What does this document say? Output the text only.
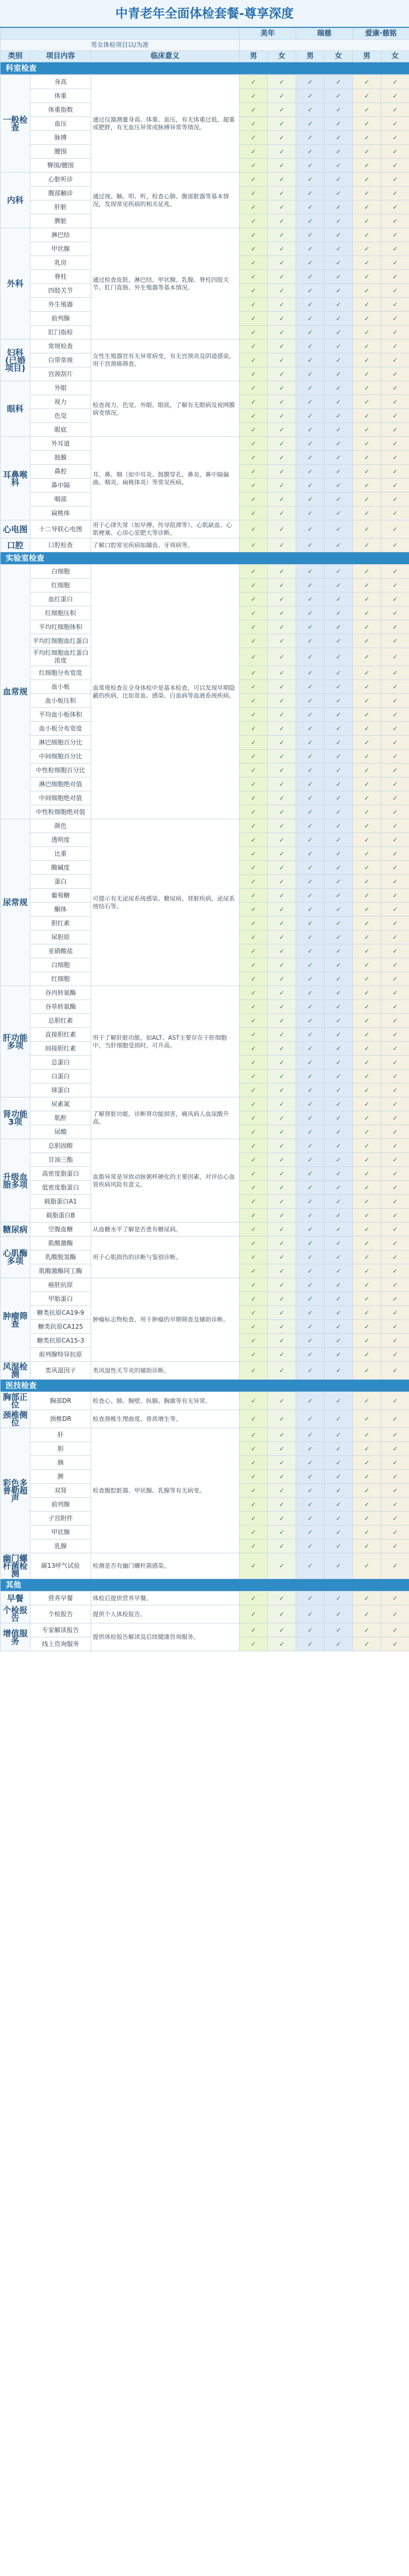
中青老年全面体检套餐-尊享深度
			美年		瑞慈		爱康·慈铭	
男女体检项目以/为准								
类别	项目内容	临床意义	男	女	男	女	男	女
科室检查								
一般检查	身高	通过仪器测量身高、体重、血压，有无体重过低、超重或肥胖，有无血压异常或脉搏异常等情况。	✓	✓	✓	✓	✓	✓
	体重		✓	✓	✓	✓	✓	✓
	体重指数		✓	✓	✓	✓	✓	✓
	血压		✓	✓	✓	✓	✓	✓
	脉搏		✓	✓	✓	✓	✓	✓
	腰围		✓	✓	✓	✓	✓	✓
	臀围/腰围		✓	✓	✓	✓	✓	✓
内科	心脏听诊	通过视、触、叩、听，检查心肺、腹部脏器等基本情况，发现常见疾病的相关征兆。	✓	✓	✓	✓	✓	✓
	腹部触诊		✓	✓	✓	✓	✓	✓
	肝脏		✓	✓	✓	✓	✓	✓
	脾脏		✓	✓	✓	✓	✓	✓
外科	淋巴结	通过检查皮肤、淋巴结、甲状腺、乳腺、脊柱四肢关节、肛门直肠、外生殖器等基本情况。	✓	✓	✓	✓	✓	✓
	甲状腺		✓	✓	✓	✓	✓	✓
	乳房		✓	✓	✓	✓	✓	✓
	脊柱		✓	✓	✓	✓	✓	✓
	四肢关节		✓	✓	✓	✓	✓	✓
	外生殖器		✓	✓	✓	✓	✓	✓
	前列腺		✓	✓	✓	✓	✓	✓
	肛门指检		✓	✓	✓	✓	✓	✓
妇科(已婚项目)	常规检查	女性生殖器官有无异常病变，有无宫颈炎及阴道感染，用于宫颈癌筛查。	✓	✓	✓	✓	✓	✓
	白带常规		✓	✓	✓	✓	✓	✓
	宫颈刮片		✓	✓	✓	✓	✓	✓
眼科	外眼	检查视力、色觉、外眼、眼底，了解有无眼病及视网膜病变情况。	✓	✓	✓	✓	✓	✓
	视力		✓	✓	✓	✓	✓	✓
	色觉		✓	✓	✓	✓	✓	✓
	眼底		✓	✓	✓	✓	✓	✓
耳鼻喉科	外耳道	耳、鼻、咽（如中耳炎、鼓膜穿孔、鼻炎、鼻中隔偏曲、咽炎、扁桃体炎）等常见疾病。	✓	✓	✓	✓	✓	✓
	鼓膜		✓	✓	✓	✓	✓	✓
	鼻腔		✓	✓	✓	✓	✓	✓
	鼻中隔		✓	✓	✓	✓	✓	✓
	咽部		✓	✓	✓	✓	✓	✓
	扁桃体		✓	✓	✓	✓	✓	✓
心电图	十二导联心电图	用于心律失常（如早搏、传导阻滞等）、心肌缺血、心肌梗塞、心房心室肥大等诊断。	✓	✓	✓	✓	✓	✓
口腔	口腔检查	了解口腔常见疾病如龋齿、牙周病等。	✓	✓	✓	✓	✓	✓
实验室检查								
血常规	白细胞	血常规检查在全身体检中是基本检查，可以发现早期隐蔽的疾病，比如贫血、感染、白血病等血液系统疾病。	✓	✓	✓	✓	✓	✓
	红细胞		✓	✓	✓	✓	✓	✓
	血红蛋白		✓	✓	✓	✓	✓	✓
	红细胞压积		✓	✓	✓	✓	✓	✓
	平均红细胞体积		✓	✓	✓	✓	✓	✓
	平均红细胞血红蛋白		✓	✓	✓	✓	✓	✓
	平均红细胞血红蛋白浓度		✓	✓	✓	✓	✓	✓
	红细胞分布宽度		✓	✓	✓	✓	✓	✓
	血小板		✓	✓	✓	✓	✓	✓
	血小板压积		✓	✓	✓	✓	✓	✓
	平均血小板体积		✓	✓	✓	✓	✓	✓
	血小板分布宽度		✓	✓	✓	✓	✓	✓
	淋巴细胞百分比		✓	✓	✓	✓	✓	✓
	中间细胞百分比		✓	✓	✓	✓	✓	✓
	中性粒细胞百分比		✓	✓	✓	✓	✓	✓
	淋巴细胞绝对值		✓	✓	✓	✓	✓	✓
	中间细胞绝对值		✓	✓	✓	✓	✓	✓
	中性粒细胞绝对值		✓	✓	✓	✓	✓	✓
尿常规	颜色	可提示有无泌尿系统感染、糖尿病、肾脏疾病、泌尿系统结石等。	✓	✓	✓	✓	✓	✓
	透明度		✓	✓	✓	✓	✓	✓
	比重		✓	✓	✓	✓	✓	✓
	酸碱度		✓	✓	✓	✓	✓	✓
	蛋白		✓	✓	✓	✓	✓	✓
	葡萄糖		✓	✓	✓	✓	✓	✓
	酮体		✓	✓	✓	✓	✓	✓
	胆红素		✓	✓	✓	✓	✓	✓
	尿胆原		✓	✓	✓	✓	✓	✓
	亚硝酸盐		✓	✓	✓	✓	✓	✓
	白细胞		✓	✓	✓	✓	✓	✓
	红细胞		✓	✓	✓	✓	✓	✓
肝功能多项	谷丙转氨酶	用于了解肝脏功能，如ALT、AST主要存在于肝细胞中，当肝细胞受损时，可升高。	✓	✓	✓	✓	✓	✓
	谷草转氨酶		✓	✓	✓	✓	✓	✓
	总胆红素		✓	✓	✓	✓	✓	✓
	直接胆红素		✓	✓	✓	✓	✓	✓
	间接胆红素		✓	✓	✓	✓	✓	✓
	总蛋白		✓	✓	✓	✓	✓	✓
	白蛋白		✓	✓	✓	✓	✓	✓
	球蛋白		✓	✓	✓	✓	✓	✓
肾功能3项	尿素氮	了解肾脏功能，诊断肾功能损害，痛风病人血尿酸升高。	✓	✓	✓	✓	✓	✓
	肌酐		✓	✓	✓	✓	✓	✓
	尿酸		✓	✓	✓	✓	✓	✓
升级血脂多项	总胆固醇	血脂异常是导致动脉粥样硬化的主要因素，对评估心血管疾病风险有意义。	✓	✓	✓	✓	✓	✓
	甘油三酯		✓	✓	✓	✓	✓	✓
	高密度脂蛋白		✓	✓	✓	✓	✓	✓
	低密度脂蛋白		✓	✓	✓	✓	✓	✓
	载脂蛋白A1		✓	✓	✓	✓	✓	✓
	载脂蛋白B		✓	✓	✓	✓	✓	✓
糖尿病	空腹血糖	从血糖水平了解是否患有糖尿病。	✓	✓	✓	✓	✓	✓
心肌酶多项	肌酸激酶	用于心肌损伤的诊断与鉴别诊断。	✓	✓	✓	✓	✓	✓
	乳酸脱氢酶		✓	✓	✓	✓	✓	✓
	肌酸激酶同工酶		✓	✓	✓	✓	✓	✓
肿瘤筛查	癌胚抗原	肿瘤标志物检查，用于肿瘤的早期筛查及辅助诊断。	✓	✓	✓	✓	✓	✓
	甲胎蛋白		✓	✓	✓	✓	✓	✓
	糖类抗原CA19-9		✓	✓	✓	✓	✓	✓
	糖类抗原CA125		✓	✓	✓	✓	✓	✓
	糖类抗原CA15-3		✓	✓	✓	✓	✓	✓
	前列腺特异抗原		✓	✓	✓	✓	✓	✓
风湿检测	类风湿因子	类风湿性关节炎的辅助诊断。	✓	✓	✓	✓	✓	✓
医技检查								
胸部正位	胸部DR	检查心、肺、胸壁、纵膈、胸廓等有无异常。	✓	✓	✓	✓	✓	✓
颈椎侧位	颈椎DR	检查颈椎生理曲度、骨质增生等。	✓	✓	✓	✓	✓	✓
彩色多普勒超声	肝	检查腹腔脏器、甲状腺、乳腺等有无病变。	✓	✓	✓	✓	✓	✓
	胆		✓	✓	✓	✓	✓	✓
	胰		✓	✓	✓	✓	✓	✓
	脾		✓	✓	✓	✓	✓	✓
	双肾		✓	✓	✓	✓	✓	✓
	前列腺		✓	✓	✓	✓	✓	✓
	子宫附件		✓	✓	✓	✓	✓	✓
	甲状腺		✓	✓	✓	✓	✓	✓
	乳腺		✓	✓	✓	✓	✓	✓
幽门螺杆菌检测	碳13呼气试验	检测是否有幽门螺杆菌感染。	✓	✓	✓	✓	✓	✓
其他								
早餐	营养早餐	体检后提供营养早餐。	✓	✓	✓	✓	✓	✓
个检报告	个检报告	提供个人体检报告。	✓	✓	✓	✓	✓	✓
增值服务	专家解读报告	提供体检报告解读及后续健康咨询服务。	✓	✓	✓	✓	✓	✓
	线上咨询服务		✓	✓	✓	✓	✓	✓
